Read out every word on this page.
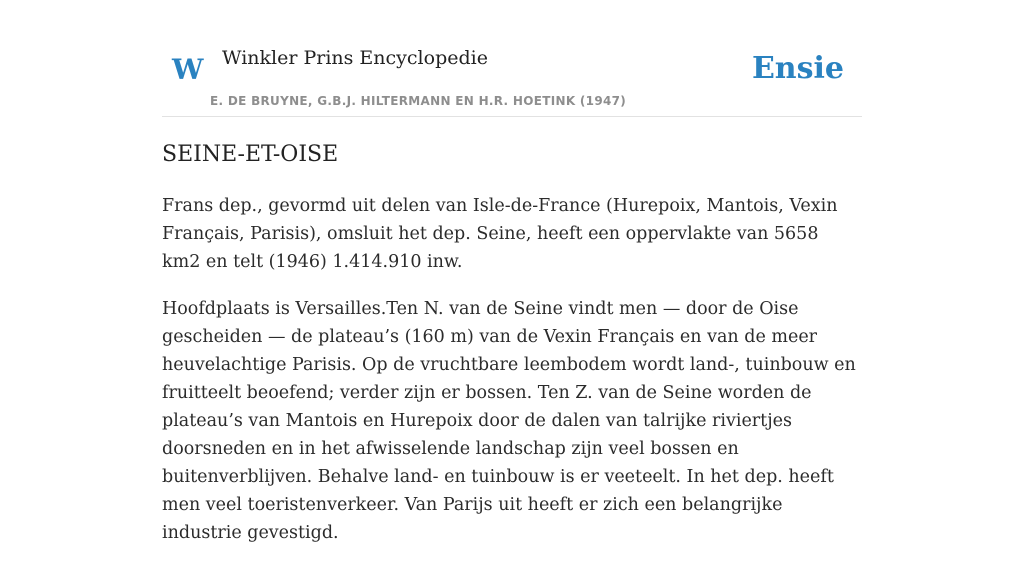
W Winkler Prins Encyclopedie
E. DE BRUYNE, G.B.J. HILTERMANN EN H.R. HOETINK (1947)
Ensie
SEINE-ET-OISE

Frans dep., gevormd uit delen van Isle-de-France (Hurepoix, Mantois, Vexin Français, Parisis), omsluit het dep. Seine, heeft een oppervlakte van 5658 km2 en telt (1946) 1.414.910 inw.

Hoofdplaats is Versailles.Ten N. van de Seine vindt men — door de Oise gescheiden — de plateau’s (160 m) van de Vexin Français en van de meer heuvelachtige Parisis. Op de vruchtbare leembodem wordt land-, tuinbouw en fruitteelt beoefend; verder zijn er bossen. Ten Z. van de Seine worden de plateau’s van Mantois en Hurepoix door de dalen van talrijke riviertjes doorsneden en in het afwisselende landschap zijn veel bossen en buitenverblijven. Behalve land- en tuinbouw is er veeteelt. In het dep. heeft men veel toeristenverkeer. Van Parijs uit heeft er zich een belangrijke industrie gevestigd.
